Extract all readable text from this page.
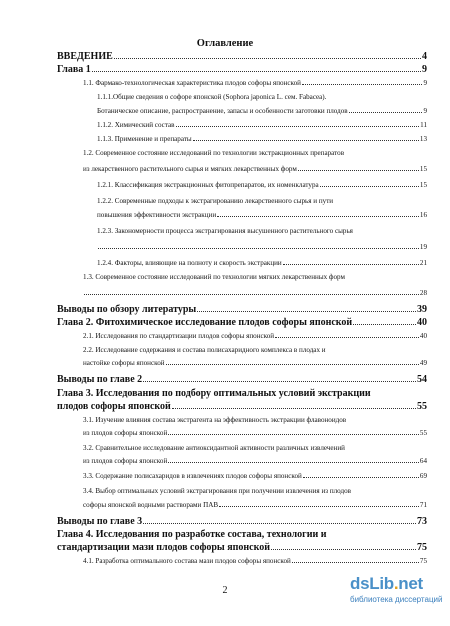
Оглавление
ВВЕДЕНИЕ	4
Глава 1	9
1.1. Фармако-технологическая характеристика плодов софоры японской	9
1.1.1.Общие сведения о софоре японской (Sophora japonica L. сем. Fabacea).
Ботаническое описание, распространение, запасы и особенности заготовки плодов	9
1.1.2. Химический состав	11
1.1.3. Применение и препараты	13
1.2. Современное состояние исследований по технологии экстракционных препаратов
из лекарственного растительного сырья и мягких лекарственных форм	15
1.2.1. Классификация экстракционных фитопрепаратов, их номенклатура	15
1.2.2. Современные подходы к экстрагированию лекарственного сырья и пути
повышения эффективности экстракции	16
1.2.3. Закономерности процесса экстрагирования высушенного растительного сырья
19
1.2.4. Факторы, влияющие на полноту и скорость экстракции	21
1.3. Современное состояние исследований по технологии мягких лекарственных форм
28
Выводы по обзору литературы	39
Глава 2. Фитохимическое исследование плодов софоры японской	40
2.1. Исследования по стандартизации плодов софоры японской	40
2.2. Исследование содержания и состава полисахаридного комплекса в плодах и
настойке софоры японской	49
Выводы по главе 2	54
Глава 3. Исследования по подбору оптимальных условий экстракции
плодов софоры японской	55
3.1. Изучение влияния состава экстрагента на эффективность экстракции флавоноидов
из плодов софоры японской	55
3.2. Сравнительное исследование антиоксидантной активности различных извлечений
из плодов софоры японской	64
3.3. Содержание полисахаридов в извлечениях плодов софоры японской	69
3.4. Выбор оптимальных условий экстрагирования при получении извлечения из плодов
софоры японской водными растворами ПАВ	71
Выводы по главе 3	73
Глава 4. Исследования по разработке состава, технологии и
стандартизации мази плодов софоры японской	75
4.1. Разработка оптимального состава мази плодов софоры японской	75
2	dsLib.net
библиотека диссертаций
